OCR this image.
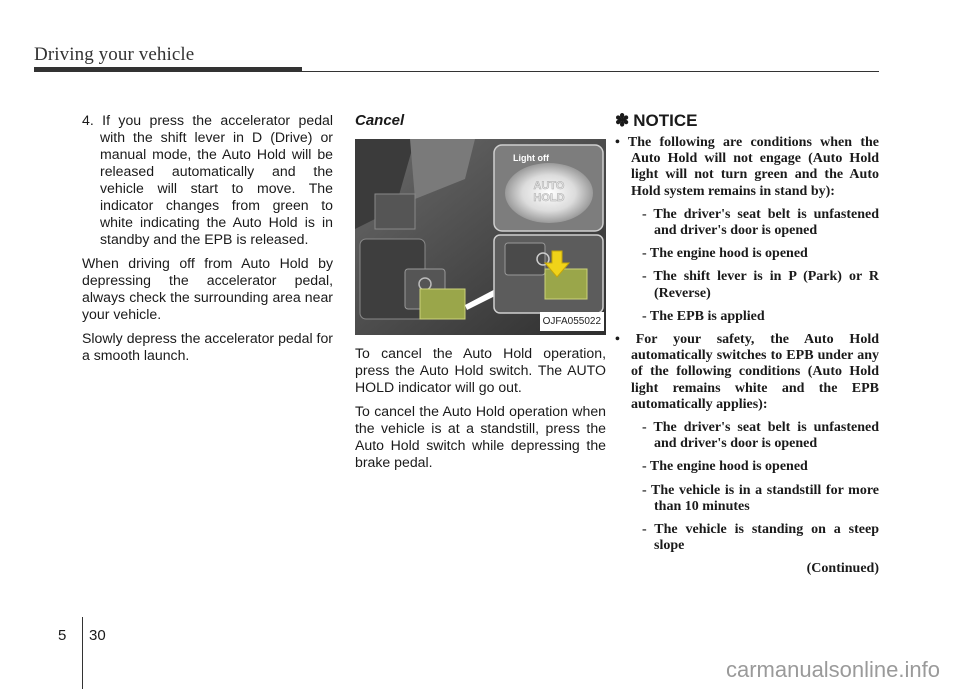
Driving your vehicle

4. If you press the accelerator pedal with the shift lever in D (Drive) or manual mode, the Auto Hold will be released automatically and the vehicle will start to move. The indicator changes from green to white indicating the Auto Hold is in standby and the EPB is released.

When driving off from Auto Hold by depressing the accelerator pedal, always check the surrounding area near your vehicle.

Slowly depress the accelerator pedal for a smooth launch.

Cancel
Light off
AUTO
HOLD
OJFA055022

To cancel the Auto Hold operation, press the Auto Hold switch. The AUTO HOLD indicator will go out.

To cancel the Auto Hold operation when the vehicle is at a standstill, press the Auto Hold switch while depressing the brake pedal.

✽ NOTICE

• The following are conditions when the Auto Hold will not engage (Auto Hold light will not turn green and the Auto Hold system remains in stand by):

- The driver's seat belt is unfastened and driver's door is opened

- The engine hood is opened

- The shift lever is in P (Park) or R (Reverse)

- The EPB is applied

• For your safety, the Auto Hold automatically switches to EPB under any of the following conditions (Auto Hold light remains white and the EPB automatically applies):

- The driver's seat belt is unfastened and driver's door is opened

- The engine hood is opened

- The vehicle is in a standstill for more than 10 minutes

- The vehicle is standing on a steep slope

(Continued)

5 30
carmanualsonline.info
